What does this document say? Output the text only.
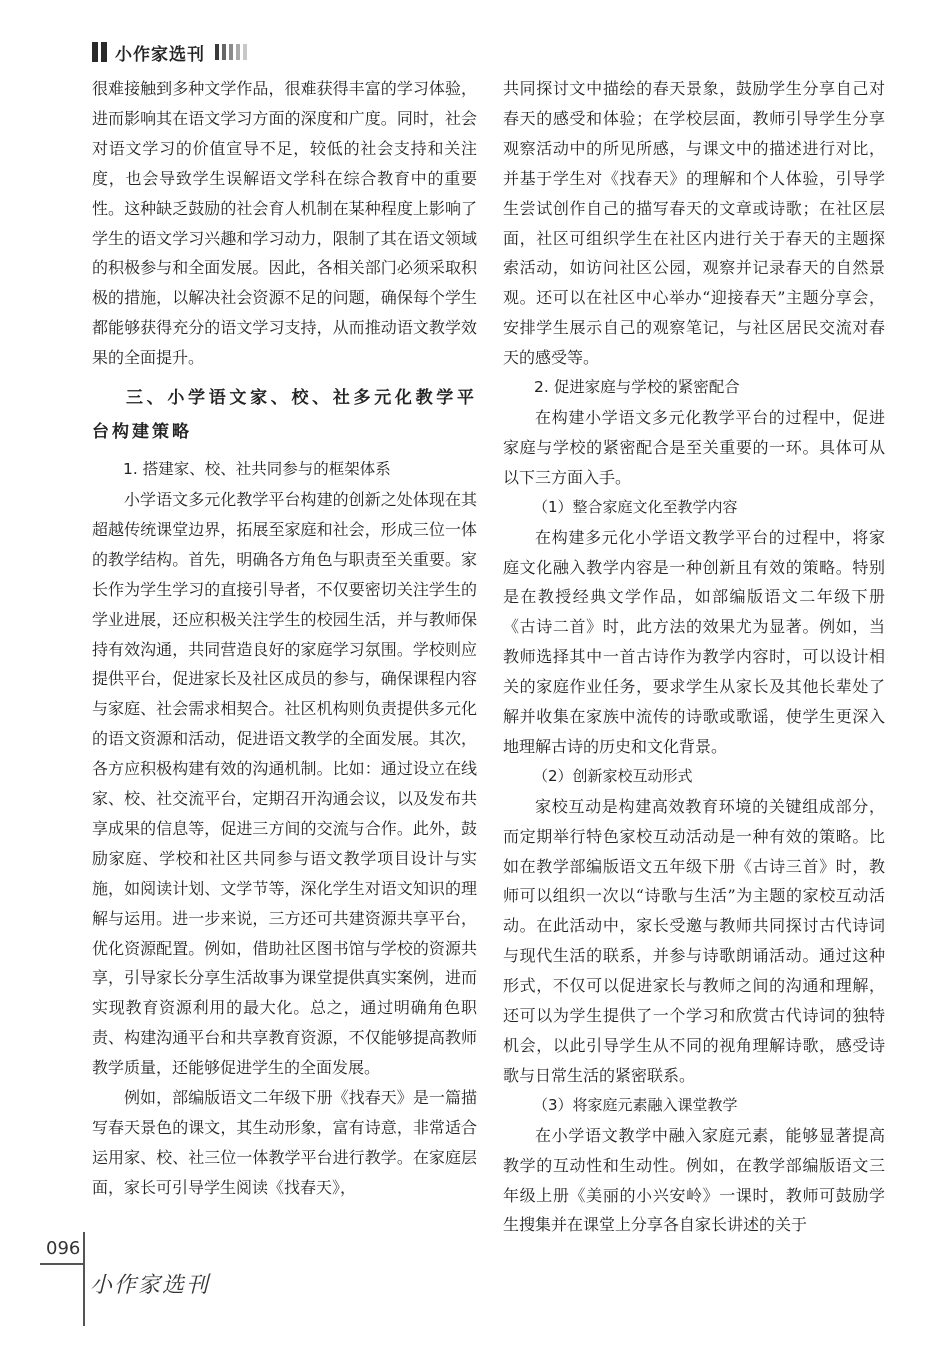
小作家选刊

很难接触到多种文学作品，很难获得丰富的学习体验，进而影响其在语文学习方面的深度和广度。同时，社会对语文学习的价值宣导不足，较低的社会支持和关注度，也会导致学生误解语文学科在综合教育中的重要性。这种缺乏鼓励的社会育人机制在某种程度上影响了学生的语文学习兴趣和学习动力，限制了其在语文领域的积极参与和全面发展。因此，各相关部门必须采取积极的措施，以解决社会资源不足的问题，确保每个学生都能够获得充分的语文学习支持，从而推动语文教学效果的全面提升。

三、小学语文家、校、社多元化教学平台构建策略
1. 搭建家、校、社共同参与的框架体系

小学语文多元化教学平台构建的创新之处体现在其超越传统课堂边界，拓展至家庭和社会，形成三位一体的教学结构。首先，明确各方角色与职责至关重要。家长作为学生学习的直接引导者，不仅要密切关注学生的学业进展，还应积极关注学生的校园生活，并与教师保持有效沟通，共同营造良好的家庭学习氛围。学校则应提供平台，促进家长及社区成员的参与，确保课程内容与家庭、社会需求相契合。社区机构则负责提供多元化的语文资源和活动，促进语文教学的全面发展。其次，各方应积极构建有效的沟通机制。比如：通过设立在线家、校、社交流平台，定期召开沟通会议，以及发布共享成果的信息等，促进三方间的交流与合作。此外，鼓励家庭、学校和社区共同参与语文教学项目设计与实施，如阅读计划、文学节等，深化学生对语文知识的理解与运用。进一步来说，三方还可共建资源共享平台，优化资源配置。例如，借助社区图书馆与学校的资源共享，引导家长分享生活故事为课堂提供真实案例，进而实现教育资源利用的最大化。总之，通过明确角色职责、构建沟通平台和共享教育资源，不仅能够提高教师教学质量，还能够促进学生的全面发展。

例如，部编版语文二年级下册《找春天》是一篇描写春天景色的课文，其生动形象，富有诗意，非常适合运用家、校、社三位一体教学平台进行教学。在家庭层面，家长可引导学生阅读《找春天》，

共同探讨文中描绘的春天景象，鼓励学生分享自己对春天的感受和体验；在学校层面，教师引导学生分享观察活动中的所见所感，与课文中的描述进行对比，并基于学生对《找春天》的理解和个人体验，引导学生尝试创作自己的描写春天的文章或诗歌；在社区层面，社区可组织学生在社区内进行关于春天的主题探索活动，如访问社区公园，观察并记录春天的自然景观。还可以在社区中心举办“迎接春天”主题分享会，安排学生展示自己的观察笔记，与社区居民交流对春天的感受等。

2. 促进家庭与学校的紧密配合

在构建小学语文多元化教学平台的过程中，促进家庭与学校的紧密配合是至关重要的一环。具体可从以下三方面入手。

（1）整合家庭文化至教学内容

在构建多元化小学语文教学平台的过程中，将家庭文化融入教学内容是一种创新且有效的策略。特别是在教授经典文学作品，如部编版语文二年级下册《古诗二首》时，此方法的效果尤为显著。例如，当教师选择其中一首古诗作为教学内容时，可以设计相关的家庭作业任务，要求学生从家长及其他长辈处了解并收集在家族中流传的诗歌或歌谣，使学生更深入地理解古诗的历史和文化背景。

（2）创新家校互动形式

家校互动是构建高效教育环境的关键组成部分，而定期举行特色家校互动活动是一种有效的策略。比如在教学部编版语文五年级下册《古诗三首》时，教师可以组织一次以“诗歌与生活”为主题的家校互动活动。在此活动中，家长受邀与教师共同探讨古代诗词与现代生活的联系，并参与诗歌朗诵活动。通过这种形式，不仅可以促进家长与教师之间的沟通和理解，还可以为学生提供了一个学习和欣赏古代诗词的独特机会，以此引导学生从不同的视角理解诗歌，感受诗歌与日常生活的紧密联系。

（3）将家庭元素融入课堂教学

在小学语文教学中融入家庭元素，能够显著提高教学的互动性和生动性。例如，在教学部编版语文三年级上册《美丽的小兴安岭》一课时，教师可鼓励学生搜集并在课堂上分享各自家长讲述的关于

096
小作家选刊
